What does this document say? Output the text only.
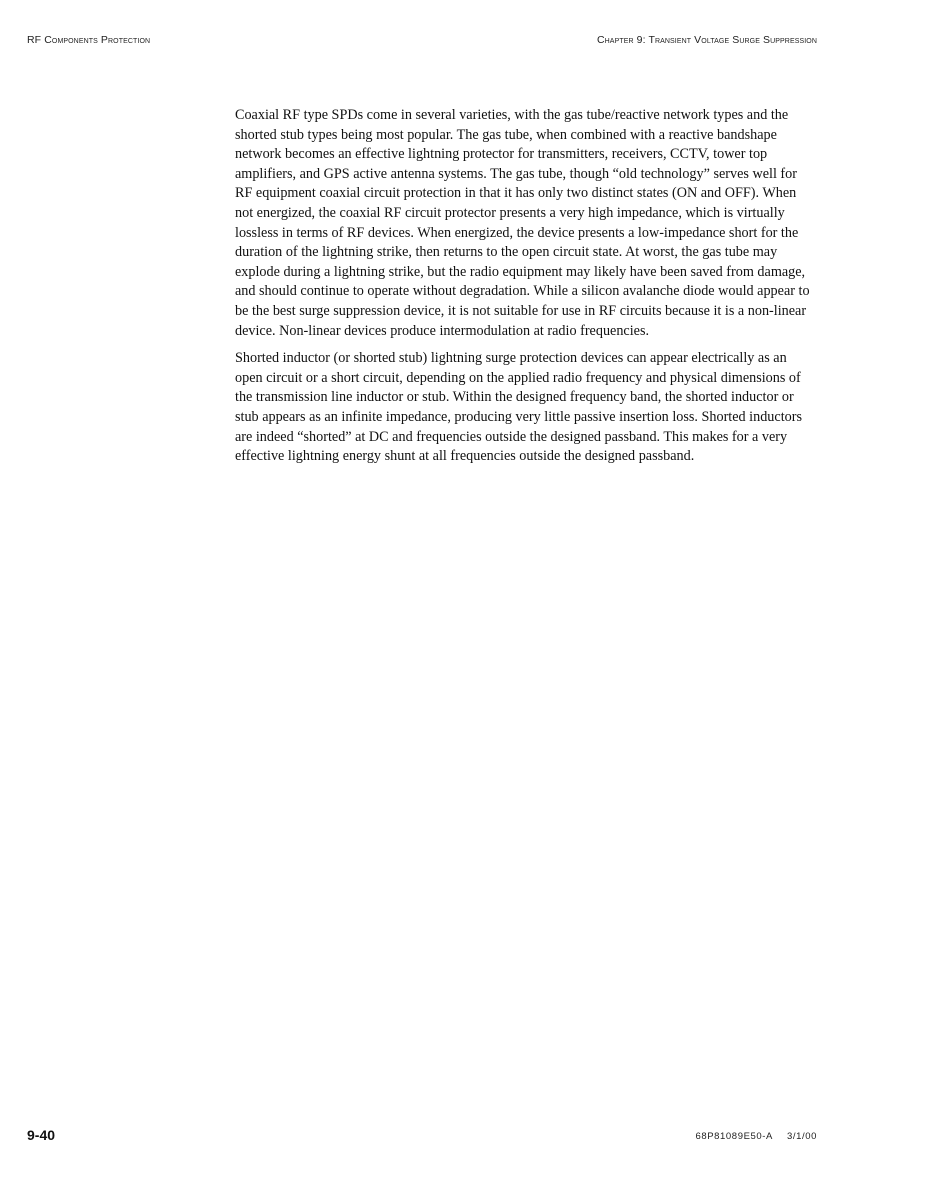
RF Components Protection	Chapter 9: Transient Voltage Surge Suppression

Coaxial RF type SPDs come in several varieties, with the gas tube/reactive network types and the shorted stub types being most popular. The gas tube, when combined with a reactive bandshape network becomes an effective lightning protector for transmitters, receivers, CCTV, tower top amplifiers, and GPS active antenna systems. The gas tube, though “old technology” serves well for RF equipment coaxial circuit protection in that it has only two distinct states (ON and OFF). When not energized, the coaxial RF circuit protector presents a very high impedance, which is virtually lossless in terms of RF devices. When energized, the device presents a low-impedance short for the duration of the lightning strike, then returns to the open circuit state. At worst, the gas tube may explode during a lightning strike, but the radio equipment may likely have been saved from damage, and should continue to operate without degradation. While a silicon avalanche diode would appear to be the best surge suppression device, it is not suitable for use in RF circuits because it is a non-linear device. Non-linear devices produce intermodulation at radio frequencies.

Shorted inductor (or shorted stub) lightning surge protection devices can appear electrically as an open circuit or a short circuit, depending on the applied radio frequency and physical dimensions of the transmission line inductor or stub. Within the designed frequency band, the shorted inductor or stub appears as an infinite impedance, producing very little passive insertion loss. Shorted inductors are indeed “shorted” at DC and frequencies outside the designed passband. This makes for a very effective lightning energy shunt at all frequencies outside the designed passband.

9-40	68P81089E50-A 3/1/00
